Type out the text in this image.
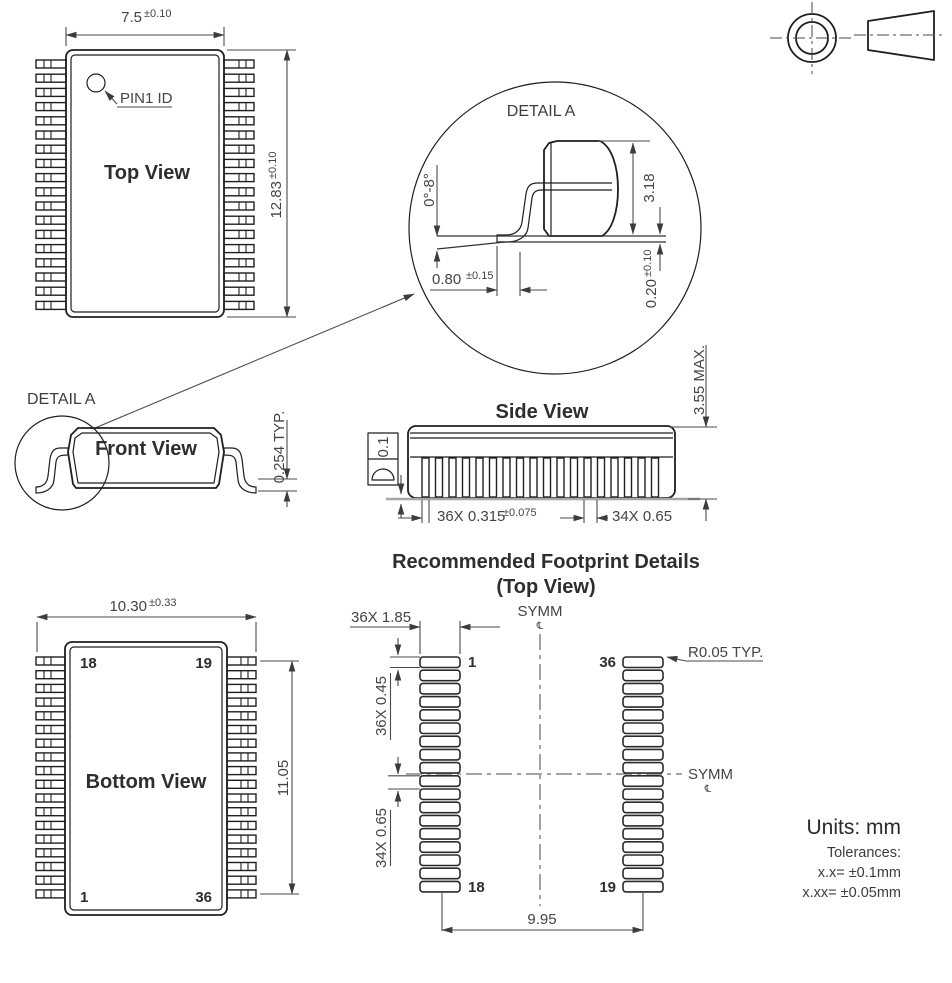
PIN1 ID
Top View
7.5 ±0.10
12.83
±0.10
DETAIL A
0°-8°	3.18
0.80 ±0.15
0.20
±0.10
DETAIL A
Front View	0.254 TYP.	Side View
0.1
36X 0.315
±0.075	34X 0.65
3.55 MAX.
Recommended Footprint Details
(Top View)
SYMM
℄
SYMM
℄
1
18
36
19
36X 1.85
36X 0.45
34X 0.65
R0.05 TYP.
9.95
18	19
1	36
Bottom View
10.30 ±0.33
11.05
Units: mm
Tolerances:
x.x= ±0.1mm
x.xx= ±0.05mm
